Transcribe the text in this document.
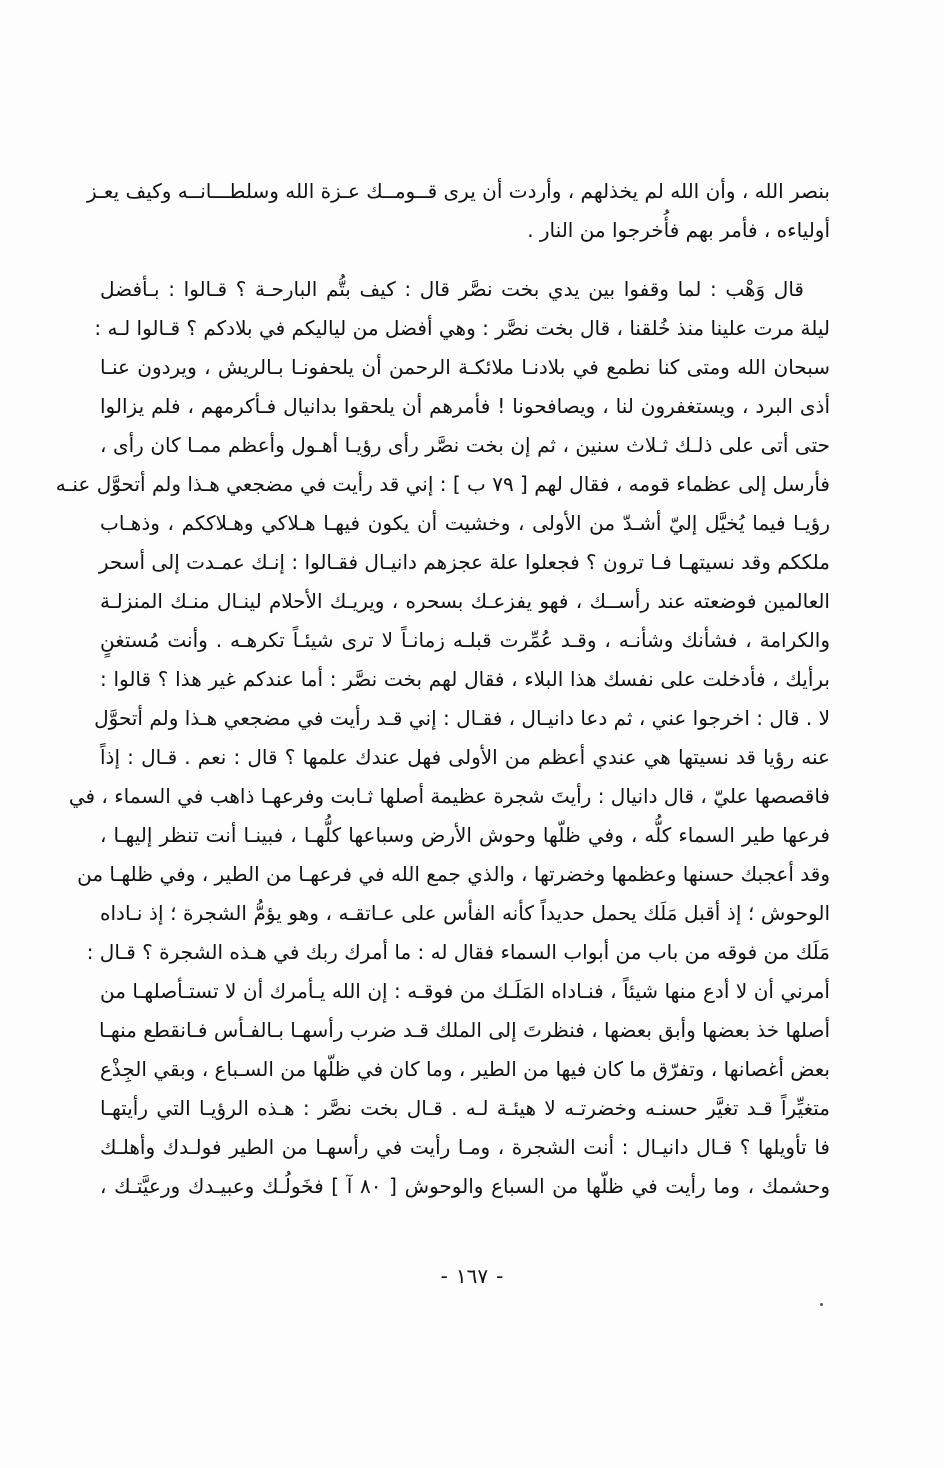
بنصر الله ، وأن الله لم يخذلهم ، وأردت أن يرى قــومــك عـزة الله وسلطـــانــه وكيف يعـز
أولياءه ، فأمر بهم فأُخرجوا من النار .
قال وَهْب : لما وقفوا بين يدي بخت نصَّر قال : كيف بتُّم البارحـة ؟ قـالوا : بـأفضل
ليلة مرت علينا منذ خُلقنا ، قال بخت نصَّر : وهي أفضل من لياليكم في بلادكم ؟ قـالوا لـه :
سبحان الله ومتى كنا نطمع في بلادنـا ملائكـة الرحمن أن يلحفونـا بـالريش ، ويردون عنـا
أذى البرد ، ويستغفرون لنا ، ويصافحونا ! فأمرهم أن يلحقوا بدانيال فـأكرمهم ، فلم يزالوا
حتى أتى على ذلـك ثـلاث سنين ، ثم إن بخت نصَّر رأى رؤيـا أهـول وأعظم ممـا كان رأى ،
فأرسل إلى عظماء قومه ، فقال لهم [ ٧٩ ب ] : إني قد رأيت في مضجعي هـذا ولم أتحوَّل عنـه
رؤيـا فيما يُخيَّل إليّ أشـدّ من الأولى ، وخشيت أن يكون فيهـا هـلاكي وهـلاككم ، وذهـاب
ملككم وقد نسيتهـا فـا ترون ؟ فجعلوا علة عجزهم دانيـال فقـالوا : إنـك عمـدت إلى أسحر
العالمين فوضعته عند رأســك ، فهو يفزعـك بسحره ، ويريـك الأحلام لينـال منـك المنزلـة
والكرامة ، فشأنك وشأنـه ، وقـد عُمِّرت قبلـه زمانـاً لا ترى شيئـاً تكرهـه . وأنت مُستغنٍ
برأيك ، فأدخلت على نفسك هذا البلاء ، فقال لهم بخت نصَّر : أما عندكم غير هذا ؟ قالوا :
لا . قال : اخرجوا عني ، ثم دعا دانيـال ، فقـال : إني قـد رأيت في مضجعي هـذا ولم أتحوَّل
عنه رؤيا قد نسيتها هي عندي أعظم من الأولى فهل عندك علمها ؟ قال : نعم . قـال : إذاً
فاقصصها عليّ ، قال دانيال : رأيتَ شجرة عظيمة أصلها ثـابت وفرعهـا ذاهب في السماء ، في
فرعها طير السماء كلُّه ، وفي ظلّها وحوش الأرض وسباعها كلُّهـا ، فبينـا أنت تنظر إليهـا ،
وقد أعجبك حسنها وعظمها وخضرتها ، والذي جمع الله في فرعهـا من الطير ، وفي ظلهـا من
الوحوش ؛ إذ أقبل مَلَك يحمل حديداً كأنه الفأس على عـاتقـه ، وهو يؤمُّ الشجرة ؛ إذ نـاداه
مَلَك من فوقه من باب من أبواب السماء فقال له : ما أمرك ربك في هـذه الشجرة ؟ قـال :
أمرني أن لا أدع منها شيئاً ، فنـاداه المَلَـك من فوقـه : إن الله يـأمرك أن لا تستـأصلهـا من
أصلها خذ بعضها وأبق بعضها ، فنظرتَ إلى الملك قـد ضرب رأسهـا بـالفـأس فـانقطع منهـا
بعض أغصانها ، وتفرّق ما كان فيها من الطير ، وما كان في ظلّها من السـباع ، وبقي الجِذْع
متغيِّراً قـد تغيَّر حسنـه وخضرتـه لا هيئـة لـه . قـال بخت نصَّر : هـذه الرؤيـا التي رأيتهـا
فا تأويلها ؟ قـال دانيـال : أنت الشجرة ، ومـا رأيت في رأسهـا من الطير فولـدك وأهلـك
وحشمك ، وما رأيت في ظلّها من السباع والوحوش [ ٨٠ آ ] فخَولُـك وعبيـدك ورعيَّتـك ،
-١٦٧-
